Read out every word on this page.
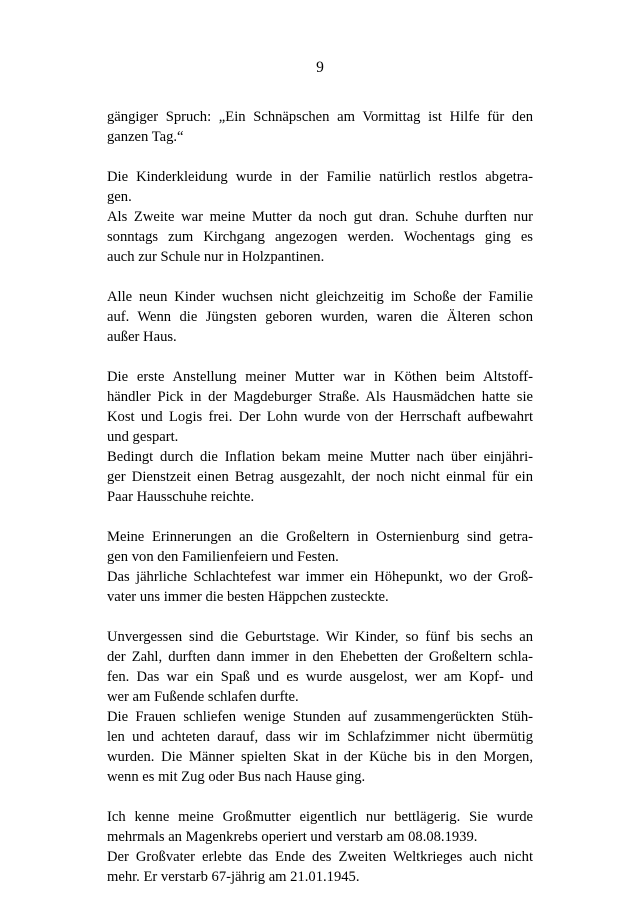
9

gängiger Spruch: „Ein Schnäpschen am Vormittag ist Hilfe für den
ganzen Tag.“

Die Kinderkleidung wurde in der Familie natürlich restlos abgetra-
gen.

Als Zweite war meine Mutter da noch gut dran. Schuhe durften nur
sonntags zum Kirchgang angezogen werden. Wochentags ging es
auch zur Schule nur in Holzpantinen.

Alle neun Kinder wuchsen nicht gleichzeitig im Schoße der Familie
auf. Wenn die Jüngsten geboren wurden, waren die Älteren schon
außer Haus.

Die erste Anstellung meiner Mutter war in Köthen beim Altstoff-
händler Pick in der Magdeburger Straße. Als Hausmädchen hatte sie
Kost und Logis frei. Der Lohn wurde von der Herrschaft aufbewahrt
und gespart.

Bedingt durch die Inflation bekam meine Mutter nach über einjähri-
ger Dienstzeit einen Betrag ausgezahlt, der noch nicht einmal für ein
Paar Hausschuhe reichte.

Meine Erinnerungen an die Großeltern in Osternienburg sind getra-
gen von den Familienfeiern und Festen.

Das jährliche Schlachtefest war immer ein Höhepunkt, wo der Groß-
vater uns immer die besten Häppchen zusteckte.

Unvergessen sind die Geburtstage. Wir Kinder, so fünf bis sechs an
der Zahl, durften dann immer in den Ehebetten der Großeltern schla-
fen. Das war ein Spaß und es wurde ausgelost, wer am Kopf- und
wer am Fußende schlafen durfte.

Die Frauen schliefen wenige Stunden auf zusammengerückten Stüh-
len und achteten darauf, dass wir im Schlafzimmer nicht übermütig
wurden. Die Männer spielten Skat in der Küche bis in den Morgen,
wenn es mit Zug oder Bus nach Hause ging.

Ich kenne meine Großmutter eigentlich nur bettlägerig. Sie wurde
mehrmals an Magenkrebs operiert und verstarb am 08.08.1939.

Der Großvater erlebte das Ende des Zweiten Weltkrieges auch nicht
mehr. Er verstarb 67-jährig am 21.01.1945.
